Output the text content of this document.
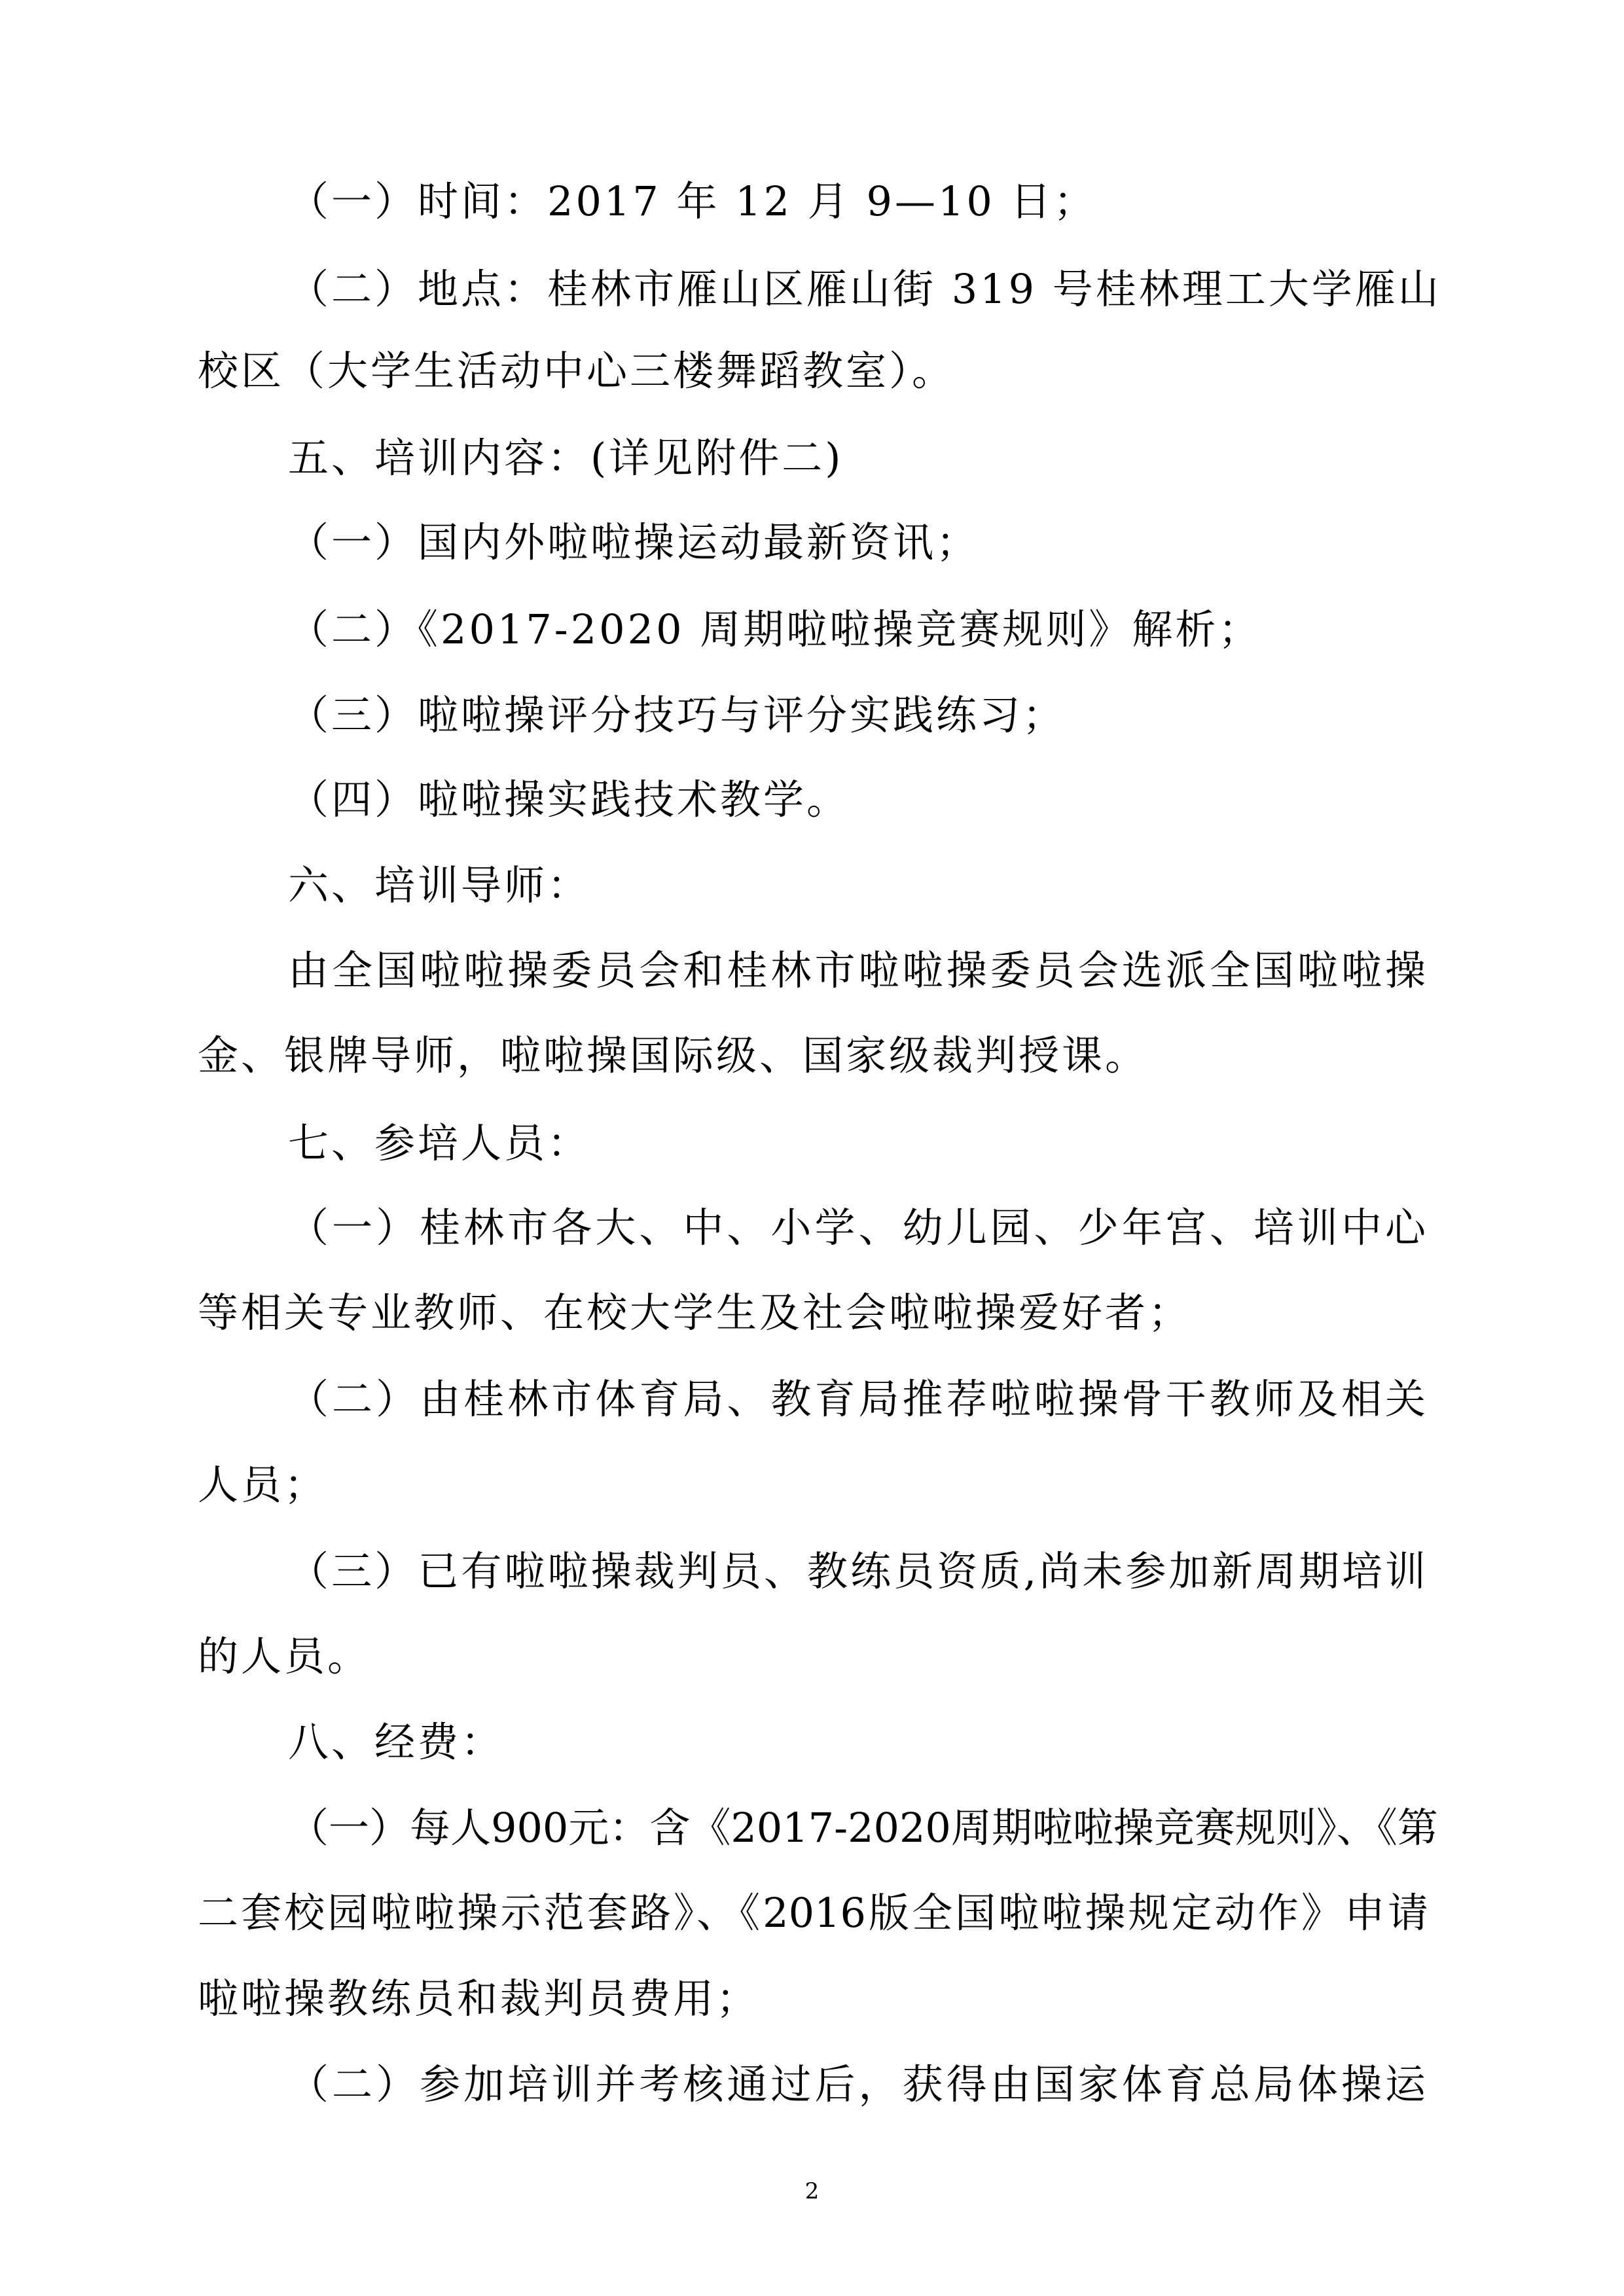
（一）时间：2017 年 12 月 9—10 日；
（二）地点：桂林市雁山区雁山街 319 号桂林理工大学雁山
校区（大学生活动中心三楼舞蹈教室）。
五、培训内容：(详见附件二)
（一）国内外啦啦操运动最新资讯；
（二）《2017-2020 周期啦啦操竞赛规则》解析；
（三）啦啦操评分技巧与评分实践练习；
（四）啦啦操实践技术教学。
六、培训导师：
由全国啦啦操委员会和桂林市啦啦操委员会选派全国啦啦操
金、银牌导师，啦啦操国际级、国家级裁判授课。
七、参培人员：
（一）桂林市各大、中、小学、幼儿园、少年宫、培训中心
等相关专业教师、在校大学生及社会啦啦操爱好者；
（二）由桂林市体育局、教育局推荐啦啦操骨干教师及相关
人员；
（三）已有啦啦操裁判员、教练员资质,尚未参加新周期培训
的人员。
八、经费：
（一）每人900元：含《2017-2020周期啦啦操竞赛规则》、《第
二套校园啦啦操示范套路》、《2016版全国啦啦操规定动作》申请
啦啦操教练员和裁判员费用；
（二）参加培训并考核通过后，获得由国家体育总局体操运
2
